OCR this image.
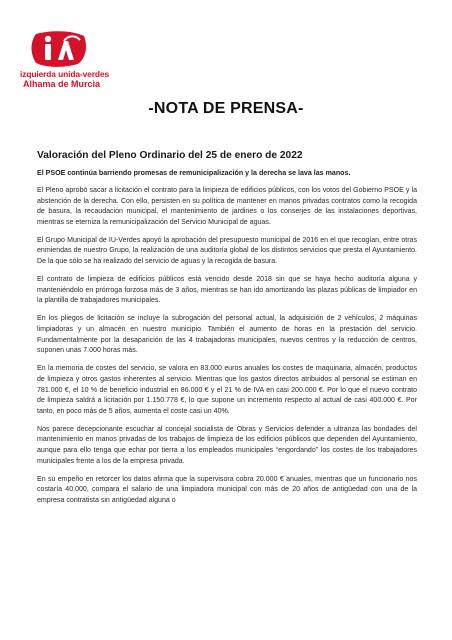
izquierda unida-verdes
Alhama de Murcia
-NOTA DE PRENSA-
Valoración del Pleno Ordinario del 25 de enero de 2022
El PSOE continúa barriendo promesas de remunicipalización y la derecha se lava las manos.

El Pleno aprobó sacar a licitación el contrato para la limpieza de edificios públicos, con los votos del Gobierno PSOE y la abstención de la derecha. Con ello, persisten en su política de mantener en manos privadas contratos como la recogida de basura, la recaudación municipal, el mantenimiento de jardines o los conserjes de las instalaciones deportivas, mientras se eterniza la remunicipalización del Servicio Municipal de aguas.

El Grupo Municipal de IU-Verdes apoyó la aprobación del presupuesto municipal de 2016 en el que recogían, entre otras enmiendas de nuestro Grupo, la realización de una auditoría global de los distintos servicios que presta el Ayuntamiento. De la que sólo se ha realizado del servicio de aguas y la recogida de basura.

El contrato de limpieza de edificios públicos está vencido desde 2018 sin que se haya hecho auditoría alguna y manteniéndolo en prórroga forzosa más de 3 años, mientras se han ido amortizando las plazas públicas de limpiador en la plantilla de trabajadores municipales.

En los pliegos de licitación se incluye la subrogación del personal actual, la adquisición de 2 vehículos, 2 máquinas limpiadoras y un almacén en nuestro municipio. También el aumento de horas en la prestación del servicio. Fundamentalmente por la desaparición de las 4 trabajadoras municipales, nuevos centros y la reducción de centros, suponen unas 7.000 horas más.

En la memoria de costes del servicio, se valora en 83.000 euros anuales los costes de maquinaria, almacén, productos de limpieza y otros gastos inherentes al servicio. Mientras que los gastos directos atribuidos al personal se estiman en 781.000 €, el 10 % de beneficio industrial en 86.000 € y el 21 % de IVA en casi 200.000 €. Por lo que el nuevo contrato de limpieza saldrá a licitación por 1.150.778 €, lo que supone un incremento respecto al actual de casi 400.000 €. Por tanto, en poco más de 5 años, aumenta el coste casi un 40%.

Nos parece decepcionante escuchar al concejal socialista de Obras y Servicios defender a ultranza las bondades del mantenimiento en manos privadas de los trabajos de limpieza de los edificios públicos que dependen del Ayuntamiento, aunque para ello tenga que echar por tierra a los empleados municipales “engordando” los costes de los trabajadores municipales frente a los de la empresa privada.

En su empeño en retorcer los datos afirma que la supervisora cobra 20.000 € anuales, mientras que un funcionario nos costaría 40.000, compara el salario de una limpiadora municipal con más de 20 años de antigüedad con una de la empresa contratista sin antigüedad alguna o
